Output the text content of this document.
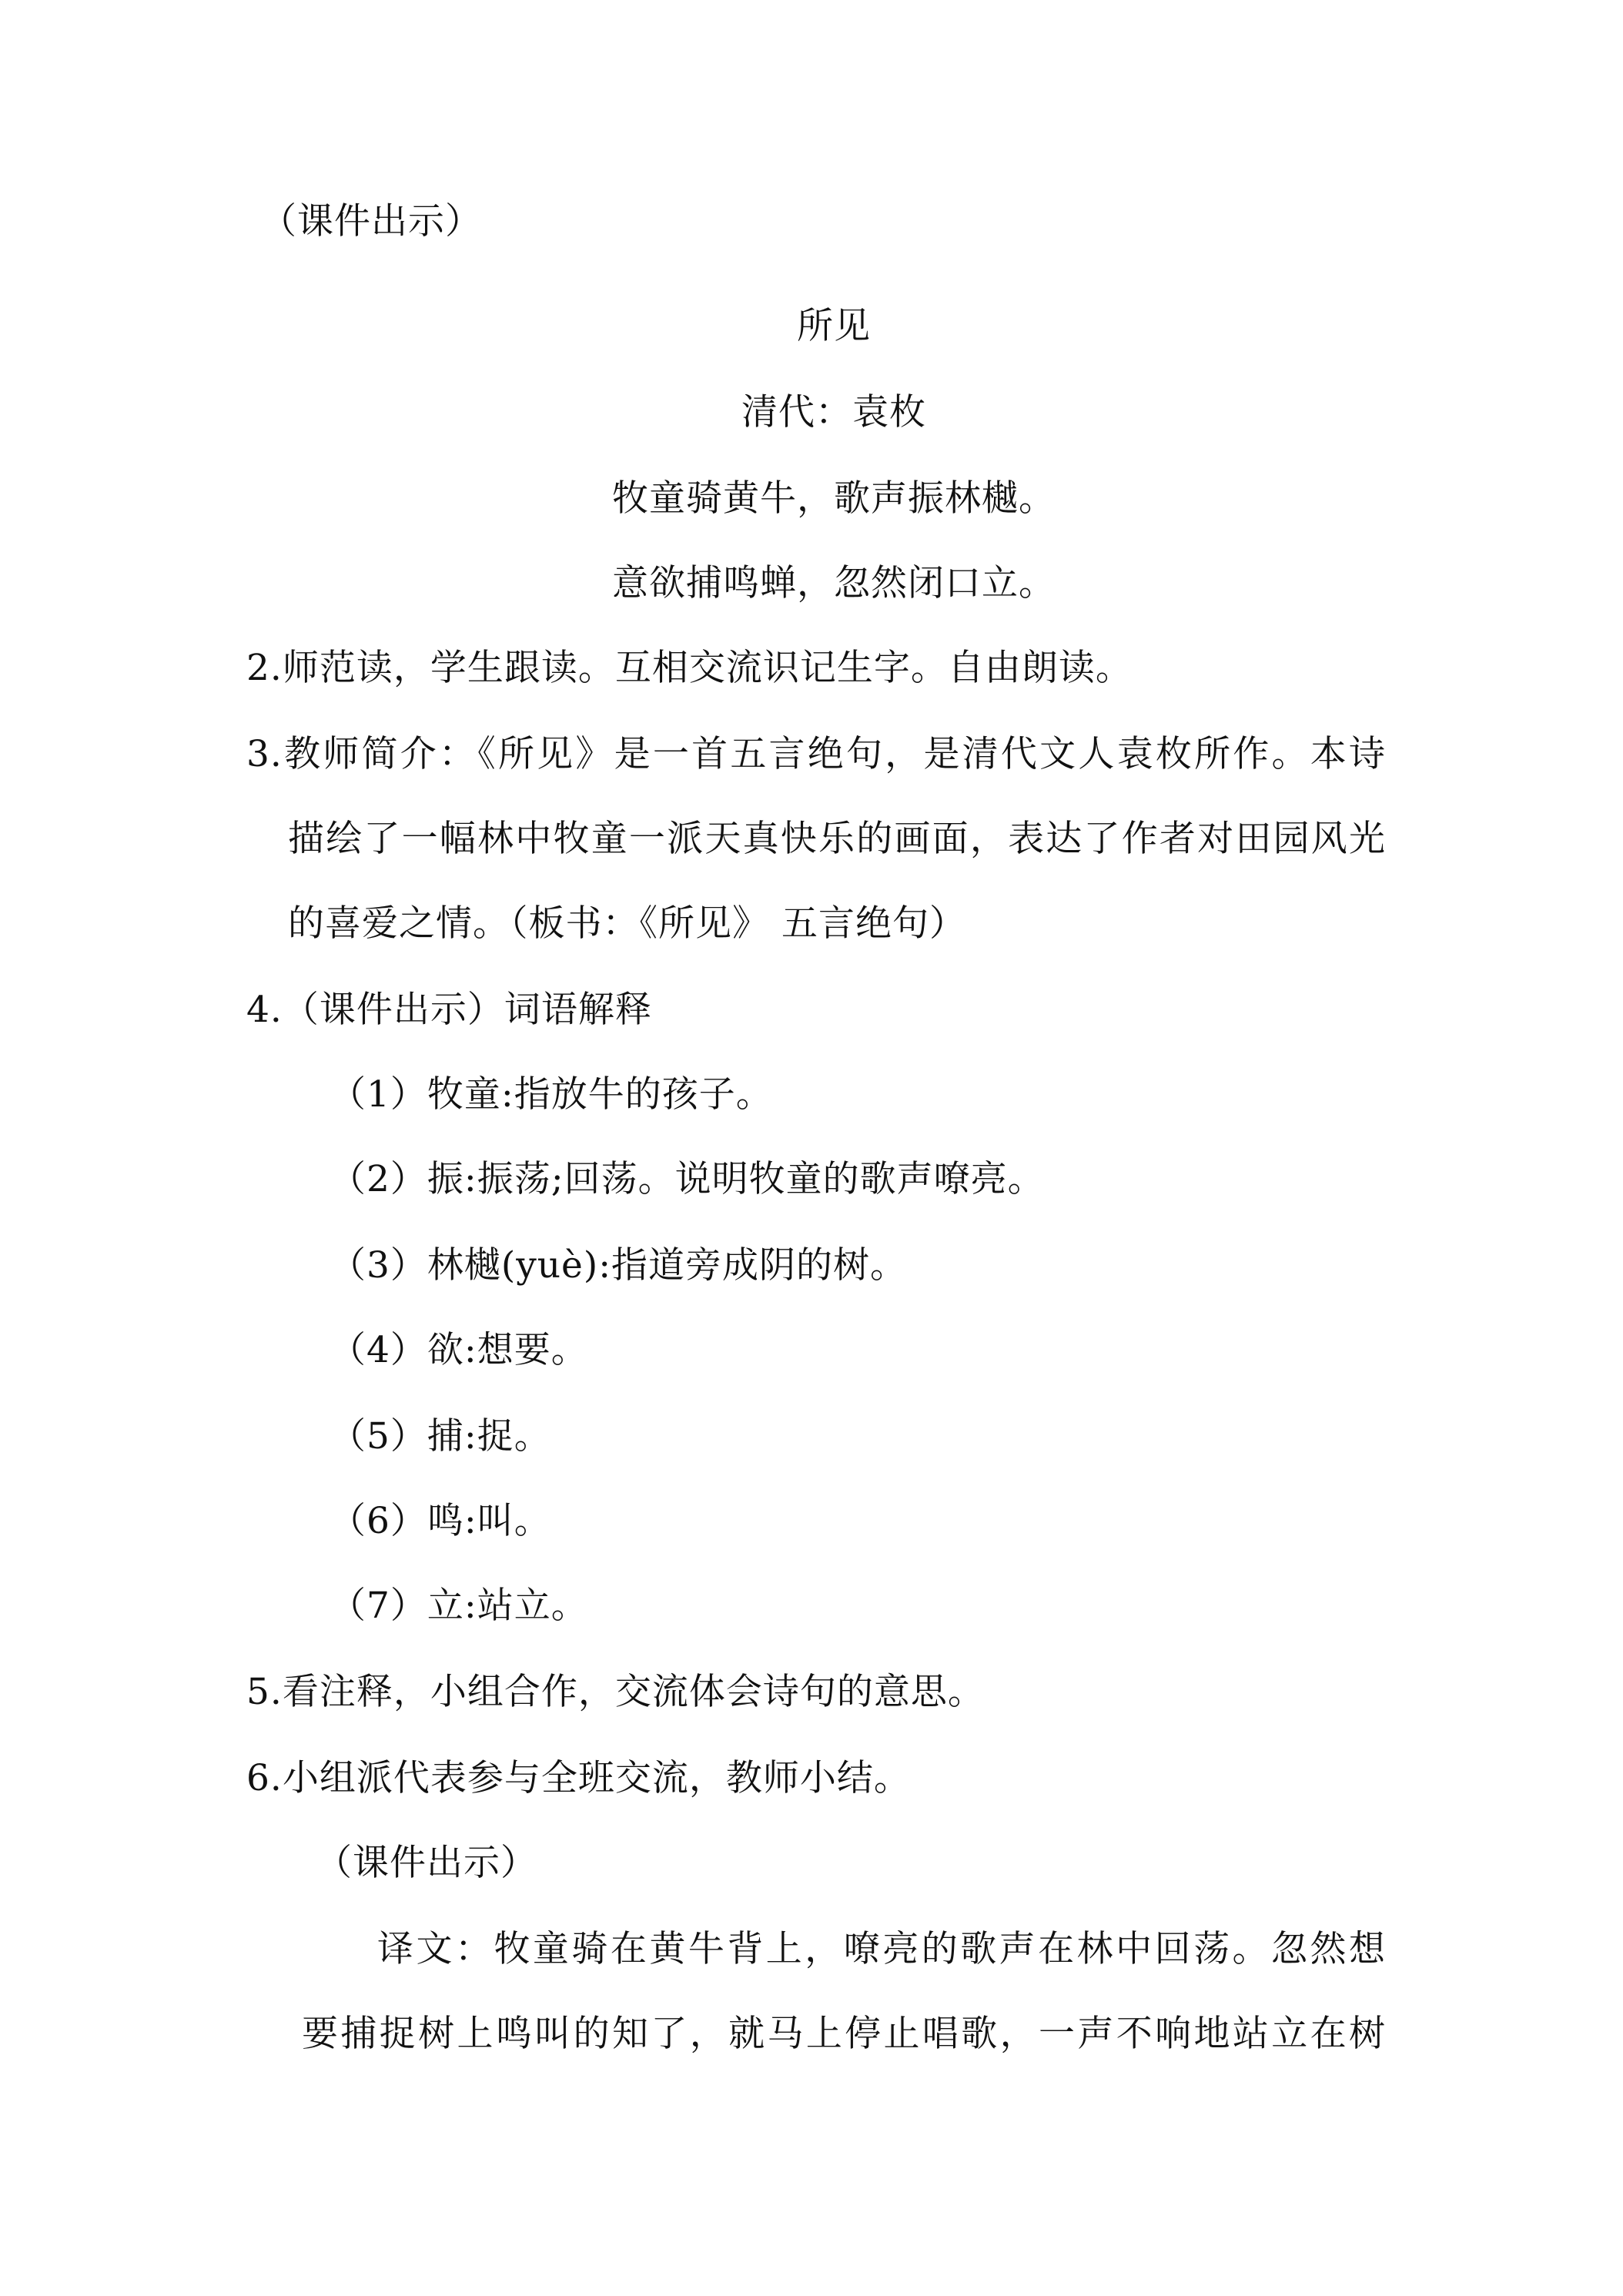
（课件出示）
所见
清代：袁枚
牧童骑黄牛，歌声振林樾。
意欲捕鸣蝉，忽然闭口立。
2.师范读，学生跟读。互相交流识记生字。自由朗读。
3.教师简介：《所见》是一首五言绝句，是清代文人袁枚所作。本诗
描绘了一幅林中牧童一派天真快乐的画面，表达了作者对田园风光
的喜爱之情。（板书：《所见》 五言绝句）
4.（课件出示）词语解释
（1）牧童:指放牛的孩子。
（2）振:振荡;回荡。说明牧童的歌声嘹亮。
（3）林樾(yuè):指道旁成阴的树。
（4）欲:想要。
（5）捕:捉。
（6）鸣:叫。
（7）立:站立。
5.看注释，小组合作，交流体会诗句的意思。
6.小组派代表参与全班交流，教师小结。
（课件出示）
译文：牧童骑在黄牛背上，嘹亮的歌声在林中回荡。忽然想
要捕捉树上鸣叫的知了，就马上停止唱歌，一声不响地站立在树
